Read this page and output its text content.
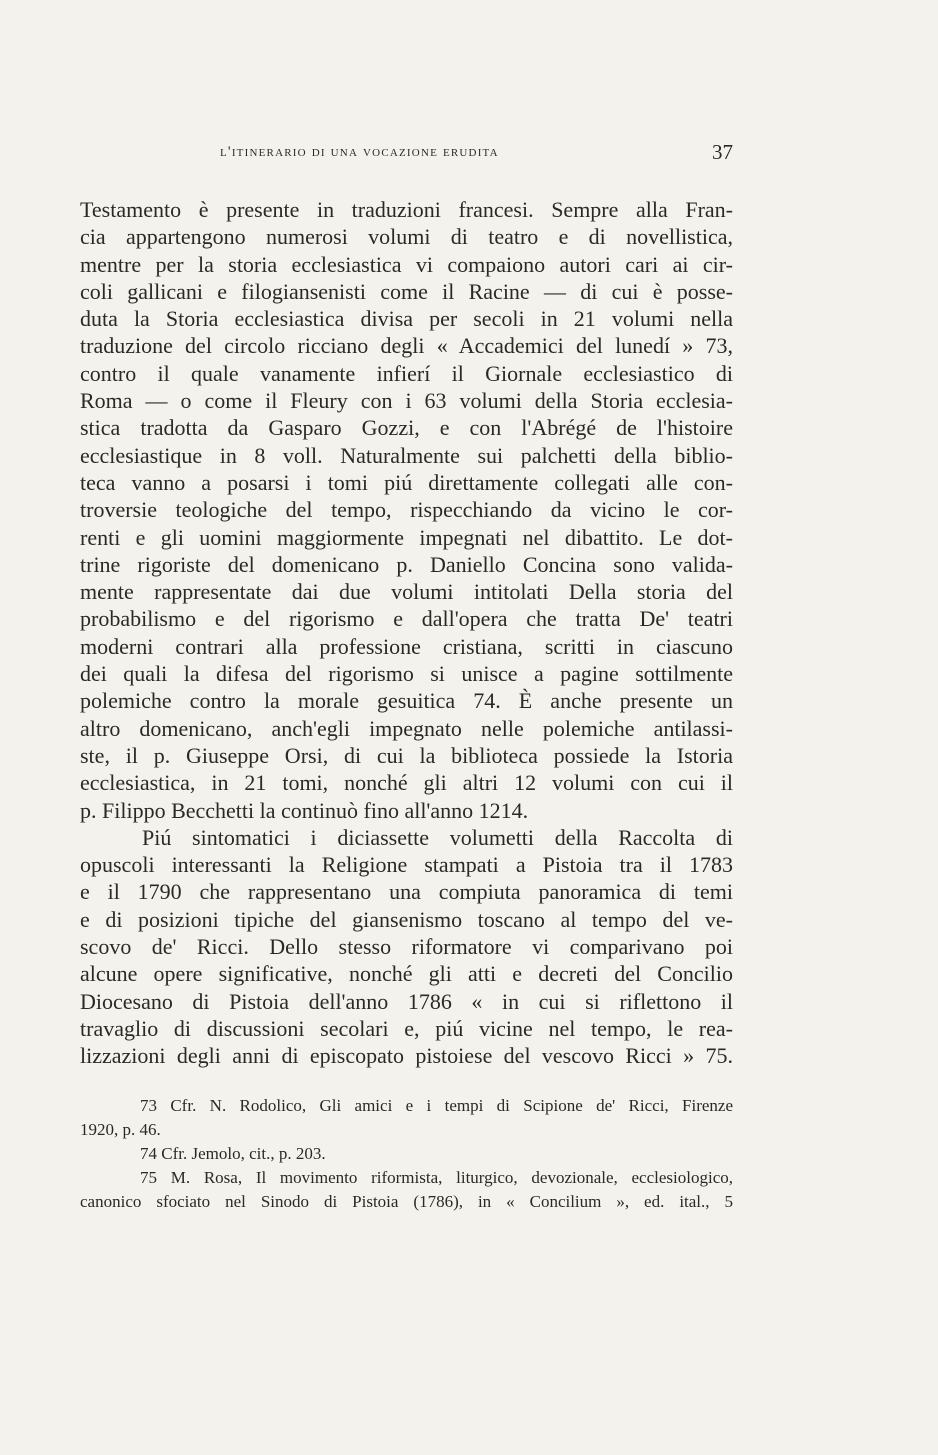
l'itinerario di una vocazione erudita	37
Testamento è presente in traduzioni francesi. Sempre alla Fran-
cia appartengono numerosi volumi di teatro e di novellistica,
mentre per la storia ecclesiastica vi compaiono autori cari ai cir-
coli gallicani e filogiansenisti come il Racine — di cui è posse-
duta la Storia ecclesiastica divisa per secoli in 21 volumi nella
traduzione del circolo ricciano degli « Accademici del lunedí » 73,
contro il quale vanamente infierí il Giornale ecclesiastico di
Roma — o come il Fleury con i 63 volumi della Storia ecclesia-
stica tradotta da Gasparo Gozzi, e con l'Abrégé de l'histoire
ecclesiastique in 8 voll. Naturalmente sui palchetti della biblio-
teca vanno a posarsi i tomi piú direttamente collegati alle con-
troversie teologiche del tempo, rispecchiando da vicino le cor-
renti e gli uomini maggiormente impegnati nel dibattito. Le dot-
trine rigoriste del domenicano p. Daniello Concina sono valida-
mente rappresentate dai due volumi intitolati Della storia del
probabilismo e del rigorismo e dall'opera che tratta De' teatri
moderni contrari alla professione cristiana, scritti in ciascuno
dei quali la difesa del rigorismo si unisce a pagine sottilmente
polemiche contro la morale gesuitica 74. È anche presente un
altro domenicano, anch'egli impegnato nelle polemiche antilassi-
ste, il p. Giuseppe Orsi, di cui la biblioteca possiede la Istoria
ecclesiastica, in 21 tomi, nonché gli altri 12 volumi con cui il
p. Filippo Becchetti la continuò fino all'anno 1214.
Piú sintomatici i diciassette volumetti della Raccolta di
opuscoli interessanti la Religione stampati a Pistoia tra il 1783
e il 1790 che rappresentano una compiuta panoramica di temi
e di posizioni tipiche del giansenismo toscano al tempo del ve-
scovo de' Ricci. Dello stesso riformatore vi comparivano poi
alcune opere significative, nonché gli atti e decreti del Concilio
Diocesano di Pistoia dell'anno 1786 « in cui si riflettono il
travaglio di discussioni secolari e, piú vicine nel tempo, le rea-
lizzazioni degli anni di episcopato pistoiese del vescovo Ricci » 75.
73 Cfr. N. Rodolico, Gli amici e i tempi di Scipione de' Ricci, Firenze
1920, p. 46.
74 Cfr. Jemolo, cit., p. 203.
75 M. Rosa, Il movimento riformista, liturgico, devozionale, ecclesiologico,
canonico sfociato nel Sinodo di Pistoia (1786), in « Concilium », ed. ital., 5
